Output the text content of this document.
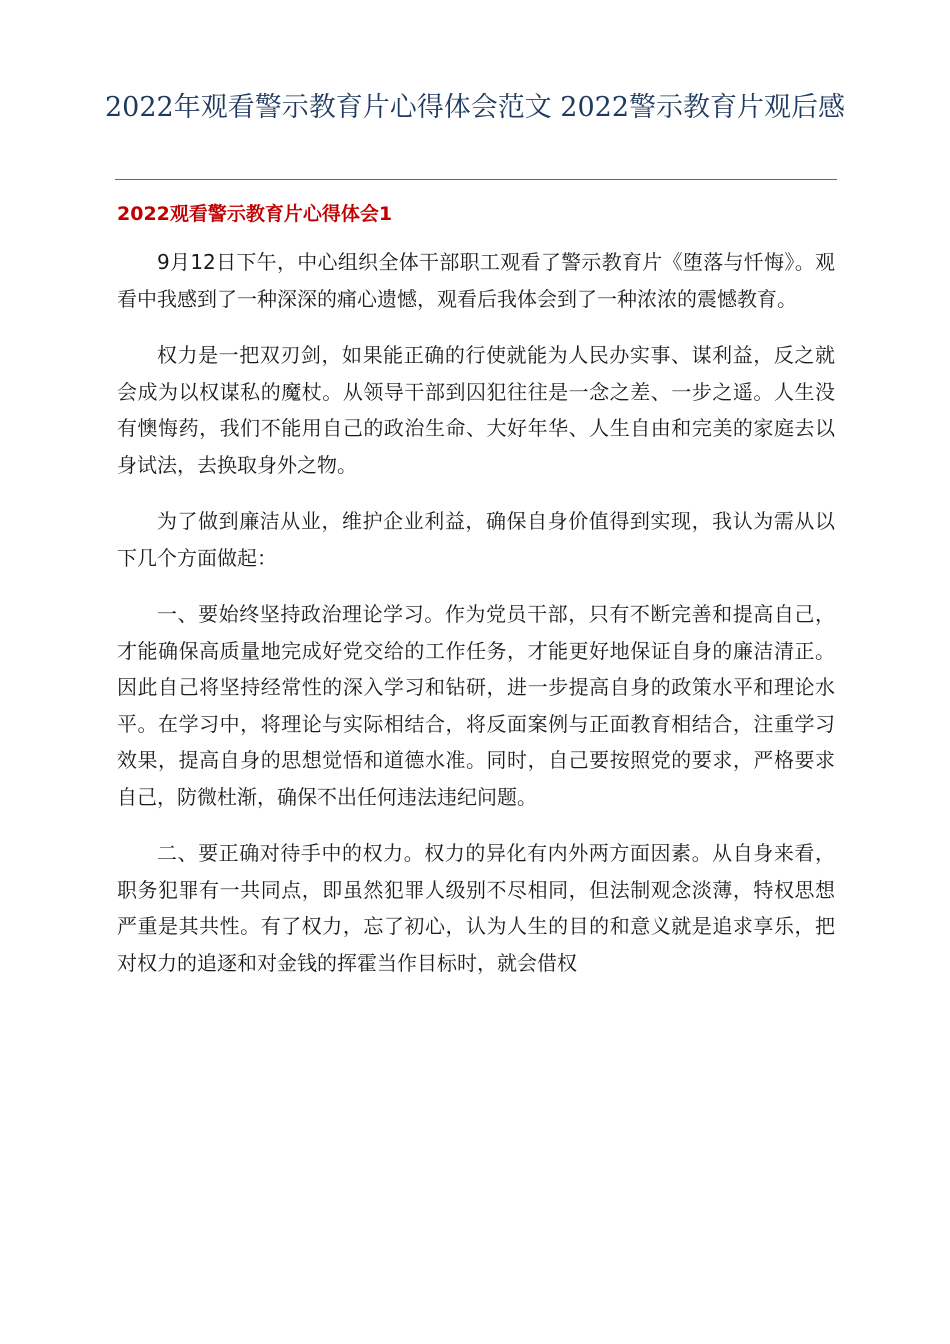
2022年观看警示教育片心得体会范文 2022警示教育片观后感
2022观看警示教育片心得体会1

9月12日下午，中心组织全体干部职工观看了警示教育片《堕落与忏悔》。观看中我感到了一种深深的痛心遗憾，观看后我体会到了一种浓浓的震憾教育。

权力是一把双刃剑，如果能正确的行使就能为人民办实事、谋利益，反之就会成为以权谋私的魔杖。从领导干部到囚犯往往是一念之差、一步之遥。人生没有懊悔药，我们不能用自己的政治生命、大好年华、人生自由和完美的家庭去以身试法，去换取身外之物。

为了做到廉洁从业，维护企业利益，确保自身价值得到实现，我认为需从以下几个方面做起：

一、要始终坚持政治理论学习。作为党员干部，只有不断完善和提高自己，才能确保高质量地完成好党交给的工作任务，才能更好地保证自身的廉洁清正。因此自己将坚持经常性的深入学习和钻研，进一步提高自身的政策水平和理论水平。在学习中，将理论与实际相结合，将反面案例与正面教育相结合，注重学习效果，提高自身的思想觉悟和道德水准。同时，自己要按照党的要求，严格要求自己，防微杜渐，确保不出任何违法违纪问题。

二、要正确对待手中的权力。权力的异化有内外两方面因素。从自身来看，职务犯罪有一共同点，即虽然犯罪人级别不尽相同，但法制观念淡薄，特权思想严重是其共性。有了权力，忘了初心，认为人生的目的和意义就是追求享乐，把对权力的追逐和对金钱的挥霍当作目标时，就会借权
